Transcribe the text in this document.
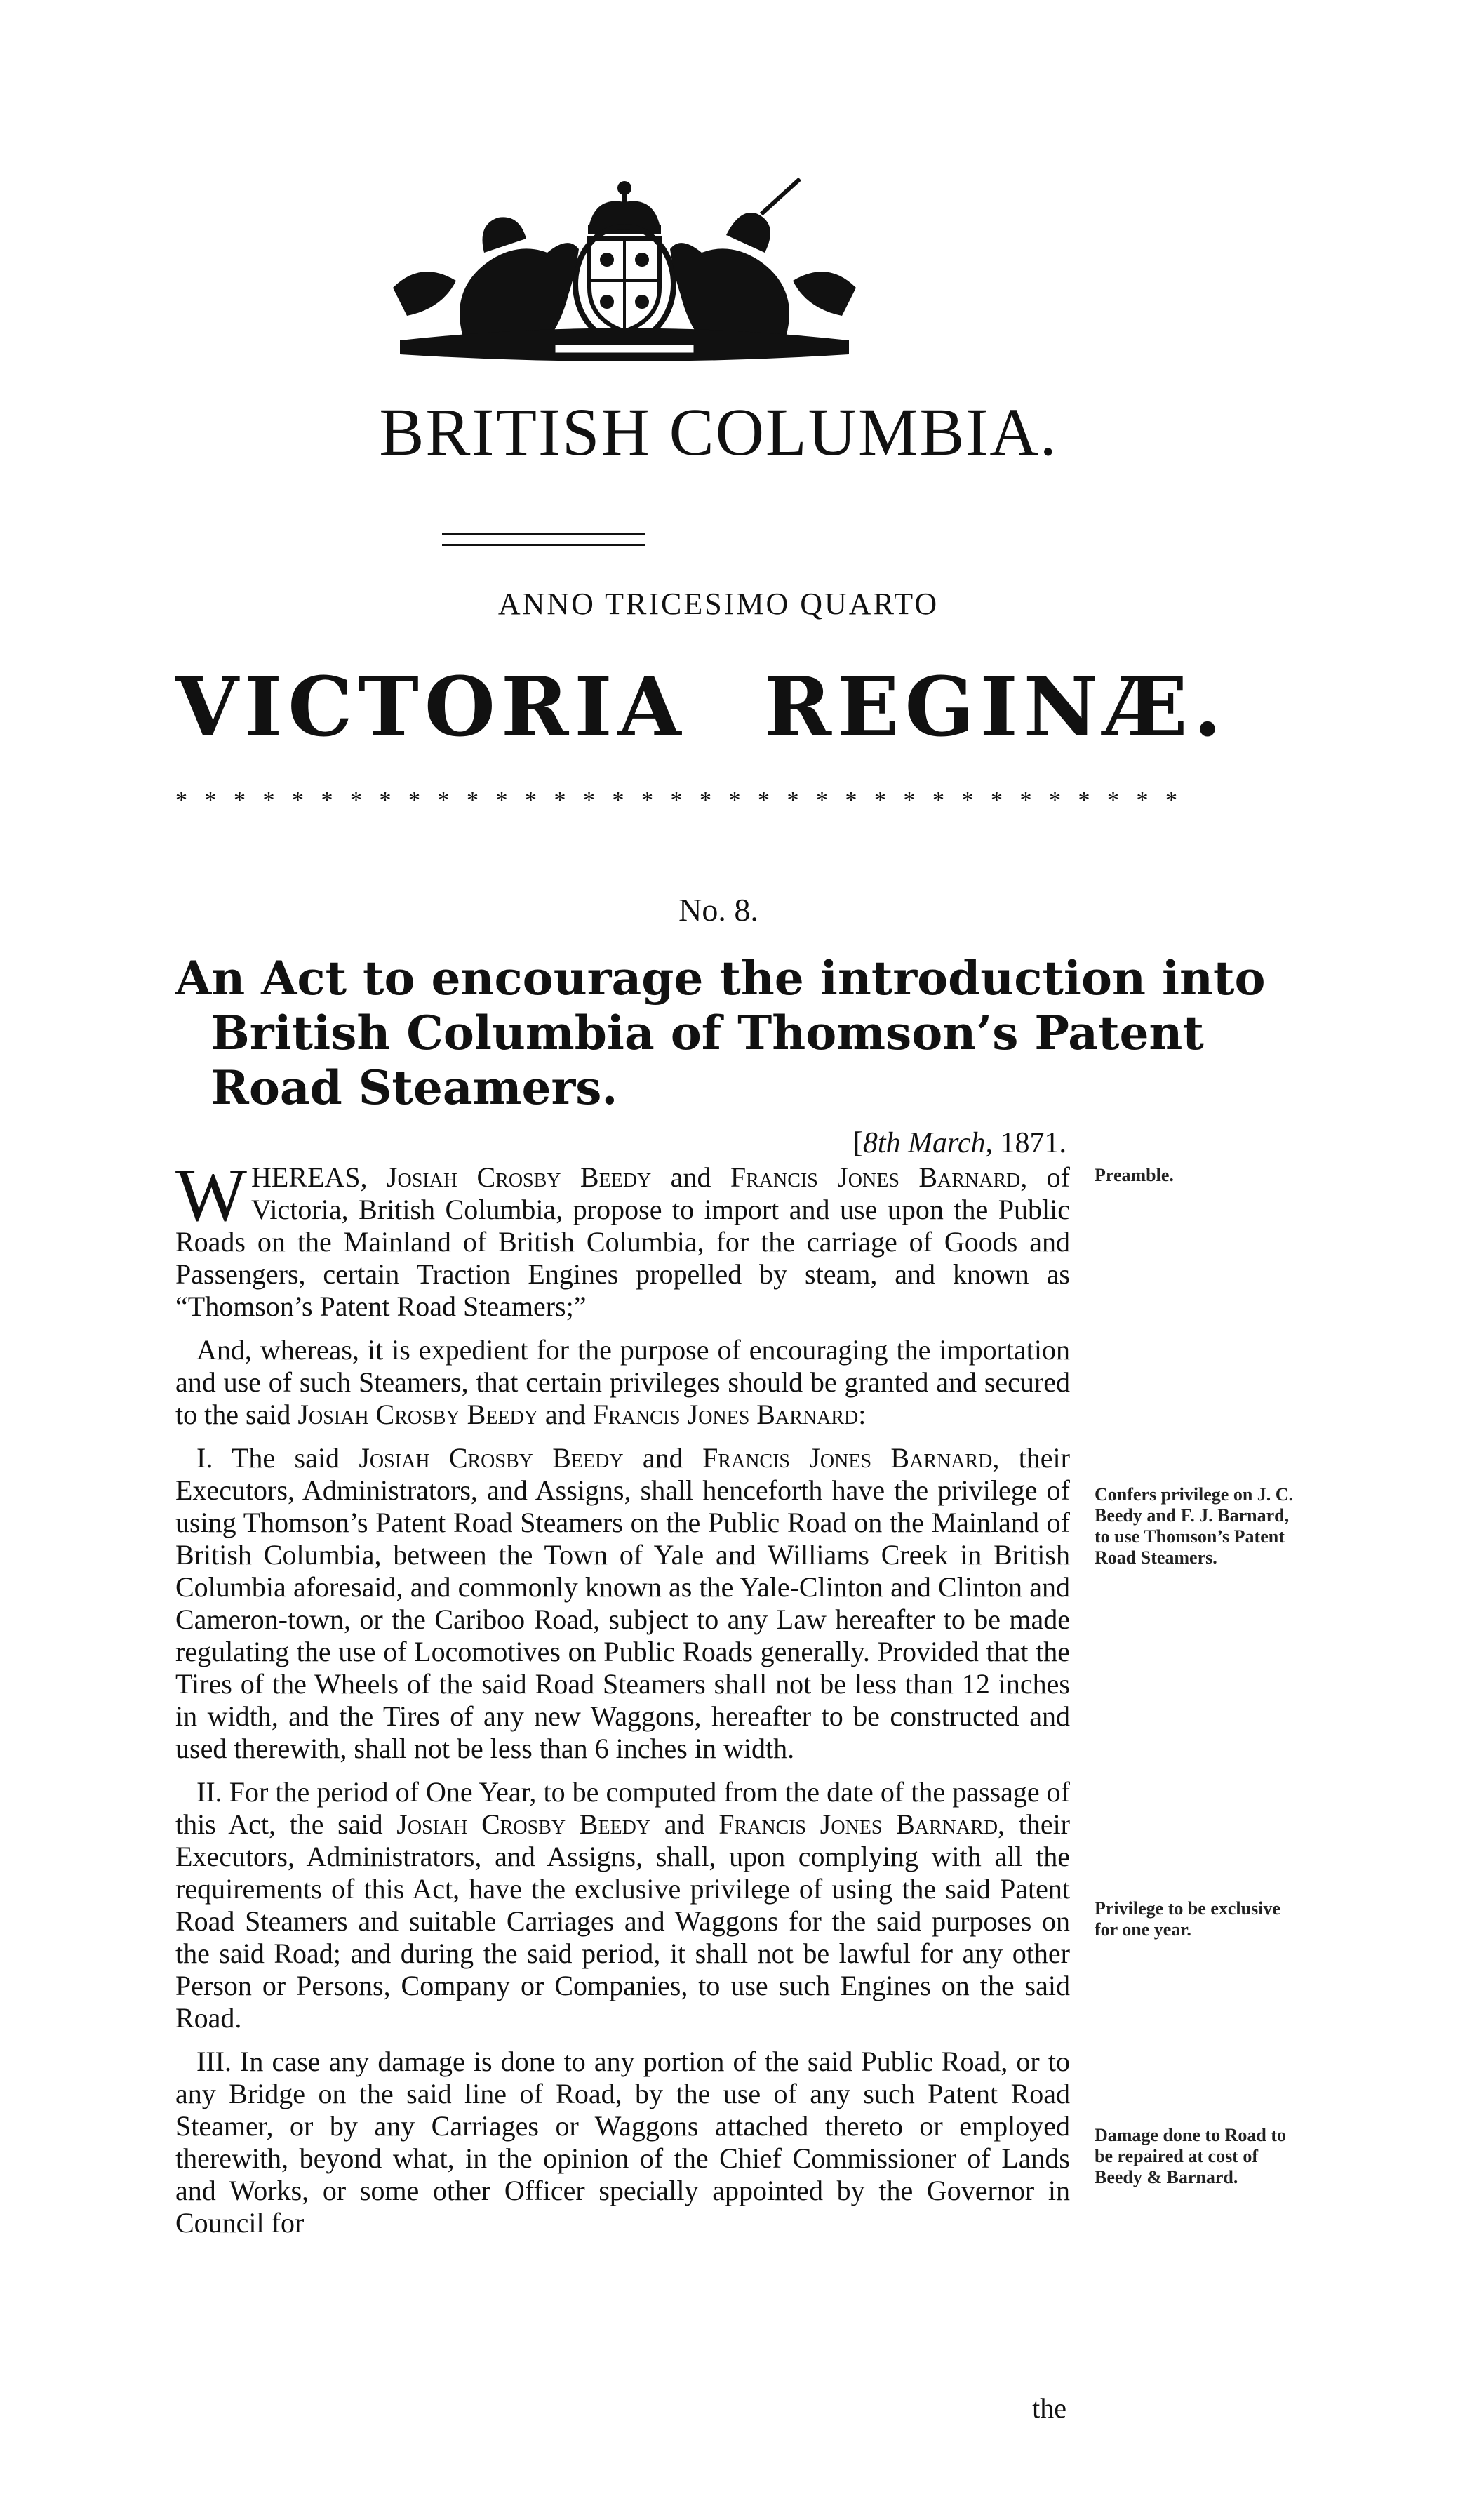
BRITISH COLUMBIA.
ANNO TRICESIMO QUARTO
VICTORIA REGINÆ.
* * * * * * * * * * * * * * * * * * * * * * * * * * * * * * * * * * *
No. 8.
An Act to encourage the introduction into
British Columbia of Thomson’s Patent
Road Steamers.
[8th March, 1871.

WHEREAS, Josiah Crosby Beedy and Francis Jones Barnard, of Victoria, British Columbia, propose to import and use upon the Public Roads on the Mainland of British Columbia, for the carriage of Goods and Passengers, certain Traction Engines propelled by steam, and known as “Thomson’s Patent Road Steamers;”

And, whereas, it is expedient for the purpose of encouraging the importation and use of such Steamers, that certain privileges should be granted and secured to the said Josiah Crosby Beedy and Francis Jones Barnard:

I. The said Josiah Crosby Beedy and Francis Jones Barnard, their Executors, Administrators, and Assigns, shall henceforth have the privilege of using Thomson’s Patent Road Steamers on the Public Road on the Mainland of British Columbia, between the Town of Yale and Williams Creek in British Columbia aforesaid, and commonly known as the Yale-Clinton and Clinton and Cameron-town, or the Cariboo Road, subject to any Law hereafter to be made regulating the use of Locomotives on Public Roads generally. Provided that the Tires of the Wheels of the said Road Steamers shall not be less than 12 inches in width, and the Tires of any new Waggons, hereafter to be constructed and used therewith, shall not be less than 6 inches in width.

II. For the period of One Year, to be computed from the date of the passage of this Act, the said Josiah Crosby Beedy and Francis Jones Barnard, their Executors, Administrators, and Assigns, shall, upon complying with all the requirements of this Act, have the exclusive privilege of using the said Patent Road Steamers and suitable Carriages and Waggons for the said purposes on the said Road; and during the said period, it shall not be lawful for any other Person or Persons, Company or Companies, to use such Engines on the said Road.

III. In case any damage is done to any portion of the said Public Road, or to any Bridge on the said line of Road, by the use of any such Patent Road Steamer, or by any Carriages or Waggons attached thereto or employed therewith, beyond what, in the opinion of the Chief Commissioner of Lands and Works, or some other Officer specially appointed by the Governor in Council for

the
Preamble.
Confers privilege on J. C. Beedy and F. J. Barnard, to use Thomson’s Patent Road Steamers.
Privilege to be exclusive for one year.
Damage done to Road to be repaired at cost of Beedy & Barnard.
